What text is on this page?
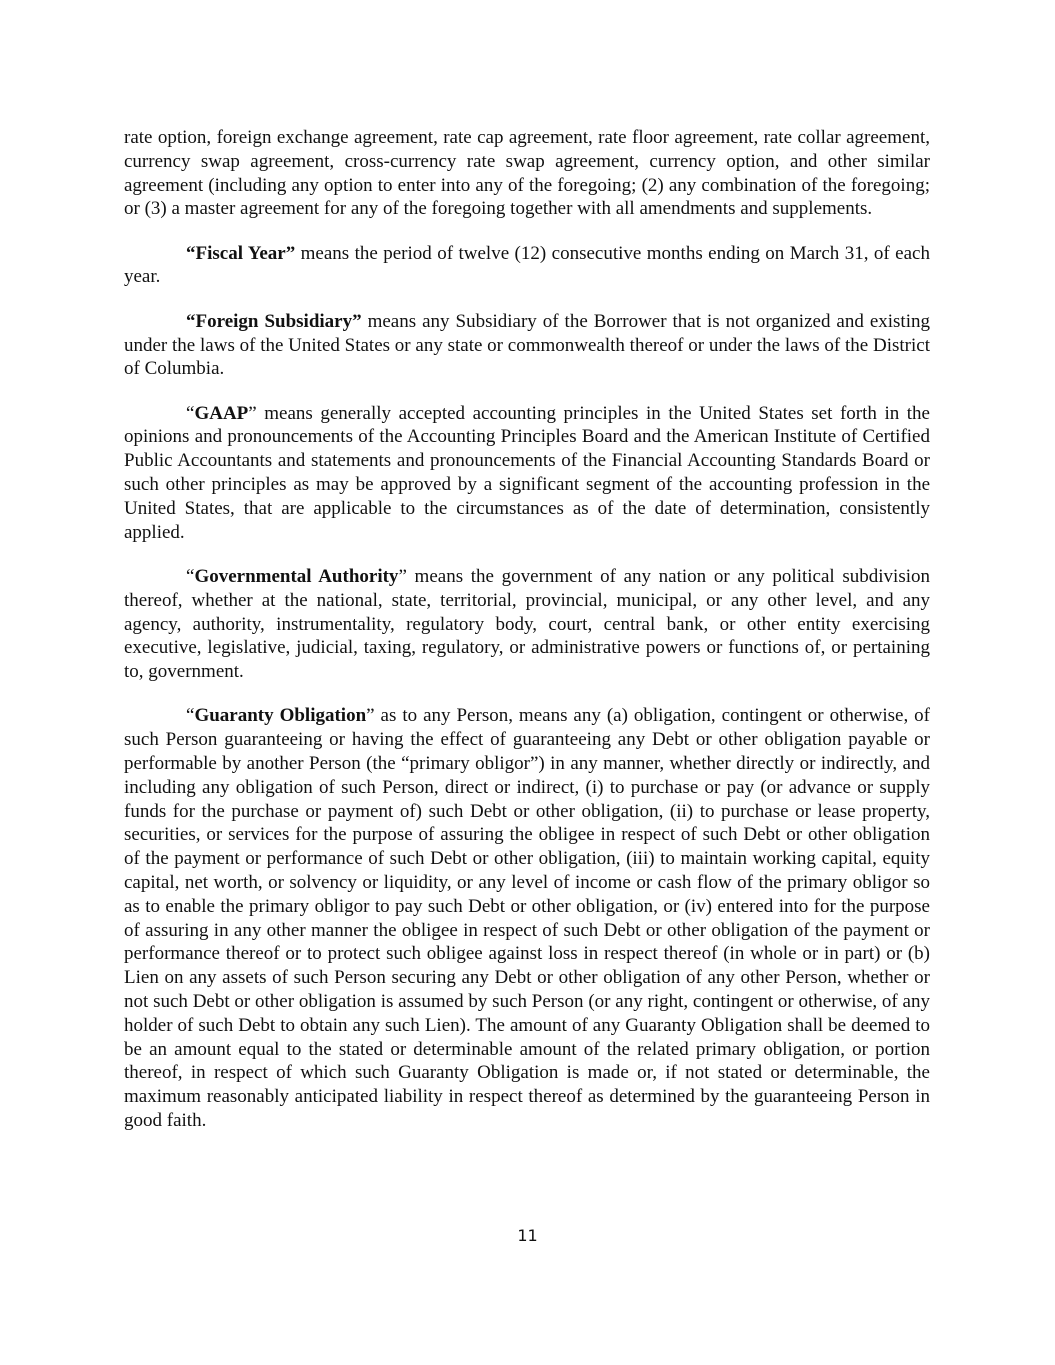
rate option, foreign exchange agreement, rate cap agreement, rate floor agreement, rate collar agreement, currency swap agreement, cross-currency rate swap agreement, currency option, and other similar agreement (including any option to enter into any of the foregoing; (2) any combination of the foregoing; or (3) a master agreement for any of the foregoing together with all amendments and supplements.

“Fiscal Year” means the period of twelve (12) consecutive months ending on March 31, of each year.

“Foreign Subsidiary” means any Subsidiary of the Borrower that is not organized and existing under the laws of the United States or any state or commonwealth thereof or under the laws of the District of Columbia.

“GAAP” means generally accepted accounting principles in the United States set forth in the opinions and pronouncements of the Accounting Principles Board and the American Institute of Certified Public Accountants and statements and pronouncements of the Financial Accounting Standards Board or such other principles as may be approved by a significant segment of the accounting profession in the United States, that are applicable to the circumstances as of the date of determination, consistently applied.

“Governmental Authority” means the government of any nation or any political subdivision thereof, whether at the national, state, territorial, provincial, municipal, or any other level, and any agency, authority, instrumentality, regulatory body, court, central bank, or other entity exercising executive, legislative, judicial, taxing, regulatory, or administrative powers or functions of, or pertaining to, government.

“Guaranty Obligation” as to any Person, means any (a) obligation, contingent or otherwise, of such Person guaranteeing or having the effect of guaranteeing any Debt or other obligation payable or performable by another Person (the “primary obligor”) in any manner, whether directly or indirectly, and including any obligation of such Person, direct or indirect, (i) to purchase or pay (or advance or supply funds for the purchase or payment of) such Debt or other obligation, (ii) to purchase or lease property, securities, or services for the purpose of assuring the obligee in respect of such Debt or other obligation of the payment or performance of such Debt or other obligation, (iii) to maintain working capital, equity capital, net worth, or solvency or liquidity, or any level of income or cash flow of the primary obligor so as to enable the primary obligor to pay such Debt or other obligation, or (iv) entered into for the purpose of assuring in any other manner the obligee in respect of such Debt or other obligation of the payment or performance thereof or to protect such obligee against loss in respect thereof (in whole or in part) or (b) Lien on any assets of such Person securing any Debt or other obligation of any other Person, whether or not such Debt or other obligation is assumed by such Person (or any right, contingent or otherwise, of any holder of such Debt to obtain any such Lien). The amount of any Guaranty Obligation shall be deemed to be an amount equal to the stated or determinable amount of the related primary obligation, or portion thereof, in respect of which such Guaranty Obligation is made or, if not stated or determinable, the maximum reasonably anticipated liability in respect thereof as determined by the guaranteeing Person in good faith.

11
